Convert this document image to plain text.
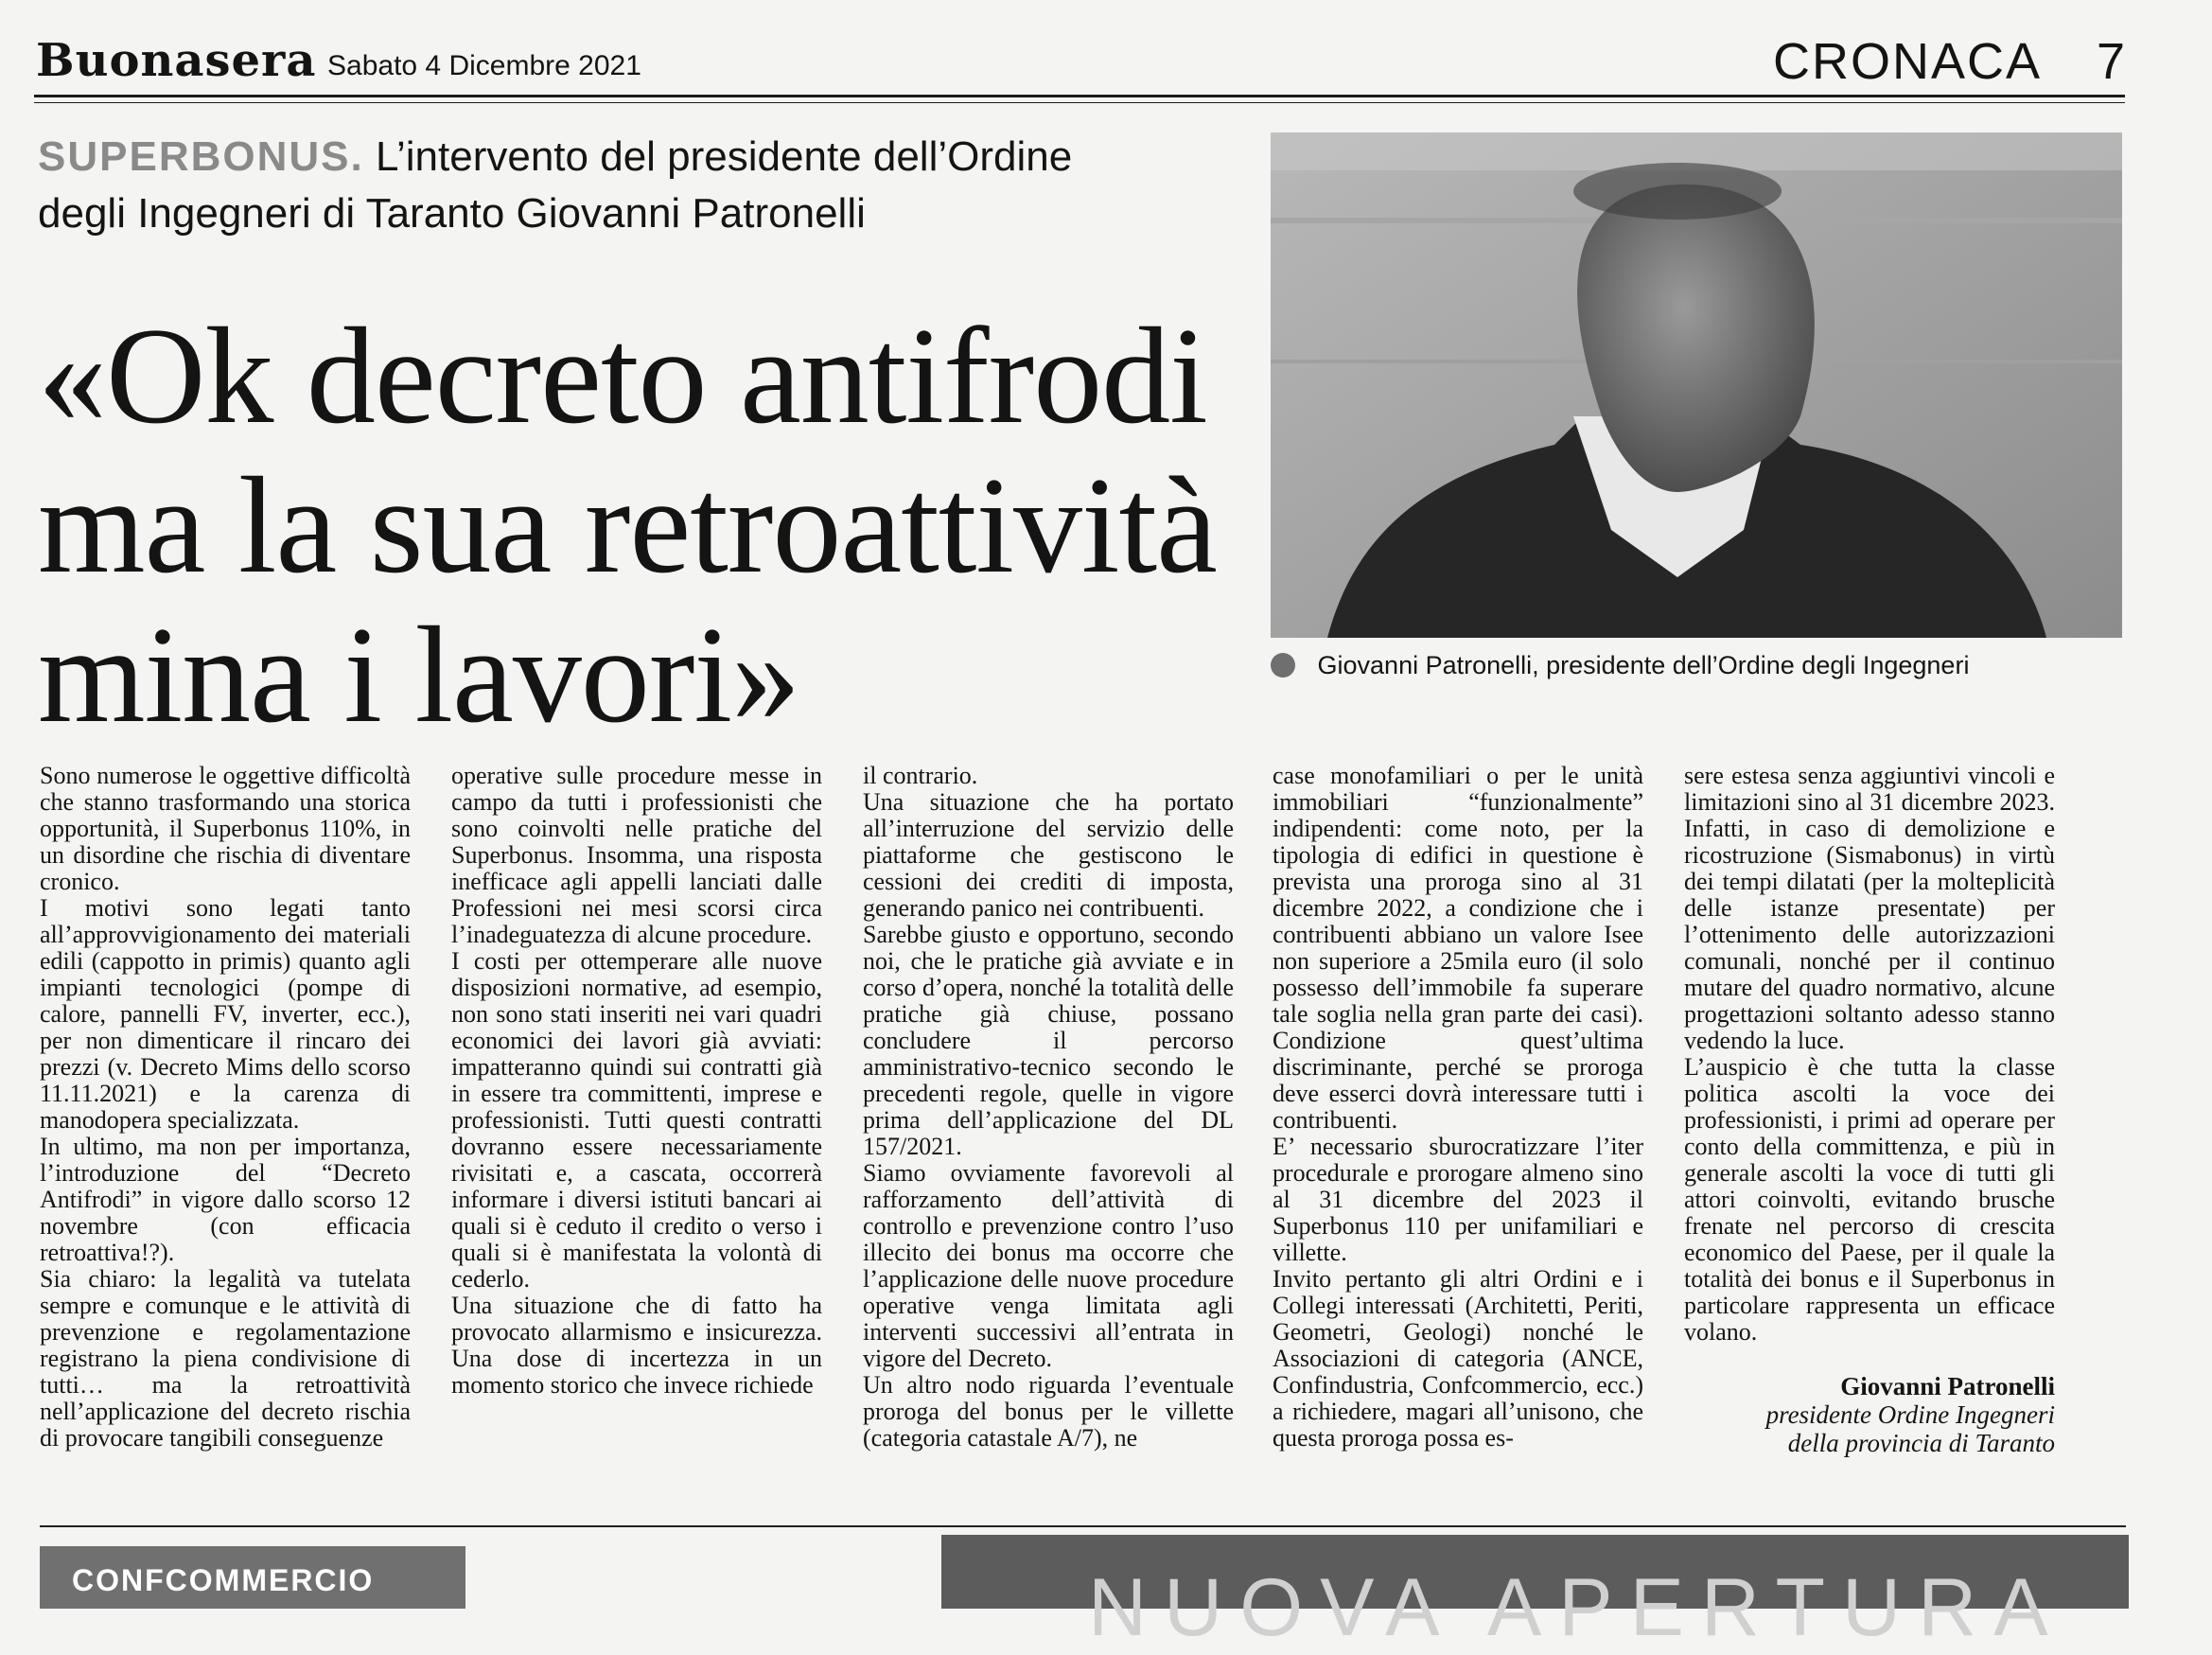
Buonasera Sabato 4 Dicembre 2021	CRONACA 7
SUPERBONUS. L’intervento del presidente dell’Ordine
degli Ingegneri di Taranto Giovanni Patronelli
«Ok decreto antifrodi
ma la sua retroattività
mina i lavori»	Giovanni Patronelli, presidente dell’Ordine degli Ingegneri

Sono numerose le oggettive difficoltà che stanno trasformando una storica opportunità, il Superbonus 110%, in un disordine che rischia di diventare cronico.

I motivi sono legati tanto all’approvvigionamento dei materiali edili (cappotto in primis) quanto agli impianti tecnologici (pompe di calore, pannelli FV, inverter, ecc.), per non dimenticare il rincaro dei prezzi (v. Decreto Mims dello scorso 11.11.2021) e la carenza di manodopera specializzata.

In ultimo, ma non per importanza, l’introduzione del “Decreto Antifrodi” in vigore dallo scorso 12 novembre (con efficacia retroattiva!?).

Sia chiaro: la legalità va tutelata sempre e comunque e le attività di prevenzione e regolamentazione registrano la piena condivisione di tutti… ma la retroattività nell’applicazione del decreto rischia di provocare tangibili conseguenze

operative sulle procedure messe in campo da tutti i professionisti che sono coinvolti nelle pratiche del Superbonus. Insomma, una risposta inefficace agli appelli lanciati dalle Professioni nei mesi scorsi circa l’inadeguatezza di alcune procedure.

I costi per ottemperare alle nuove disposizioni normative, ad esempio, non sono stati inseriti nei vari quadri economici dei lavori già avviati: impatteranno quindi sui contratti già in essere tra committenti, imprese e professionisti. Tutti questi contratti dovranno essere necessariamente rivisitati e, a cascata, occorrerà informare i diversi istituti bancari ai quali si è ceduto il credito o verso i quali si è manifestata la volontà di cederlo.

Una situazione che di fatto ha provocato allarmismo e insicurezza. Una dose di incertezza in un momento storico che invece richiede

il contrario.

Una situazione che ha portato all’interruzione del servizio delle piattaforme che gestiscono le cessioni dei crediti di imposta, generando panico nei contribuenti.

Sarebbe giusto e opportuno, secondo noi, che le pratiche già avviate e in corso d’opera, nonché la totalità delle pratiche già chiuse, possano concludere il percorso amministrativo-tecnico secondo le precedenti regole, quelle in vigore prima dell’applicazione del DL 157/2021.

Siamo ovviamente favorevoli al rafforzamento dell’attività di controllo e prevenzione contro l’uso illecito dei bonus ma occorre che l’applicazione delle nuove procedure operative venga limitata agli interventi successivi all’entrata in vigore del Decreto.

Un altro nodo riguarda l’eventuale proroga del bonus per le villette (categoria catastale A/7), ne

case monofamiliari o per le unità immobiliari “funzionalmente” indipendenti: come noto, per la tipologia di edifici in questione è prevista una proroga sino al 31 dicembre 2022, a condizione che i contribuenti abbiano un valore Isee non superiore a 25mila euro (il solo possesso dell’immobile fa superare tale soglia nella gran parte dei casi). Condizione quest’ultima discriminante, perché se proroga deve esserci dovrà interessare tutti i contribuenti.

E’ necessario sburocratizzare l’iter procedurale e prorogare almeno sino al 31 dicembre del 2023 il Superbonus 110 per unifamiliari e villette.

Invito pertanto gli altri Ordini e i Collegi interessati (Architetti, Periti, Geometri, Geologi) nonché le Associazioni di categoria (ANCE, Confindustria, Confcommercio, ecc.) a richiedere, magari all’unisono, che questa proroga possa es-

sere estesa senza aggiuntivi vincoli e limitazioni sino al 31 dicembre 2023. Infatti, in caso di demolizione e ricostruzione (Sismabonus) in virtù dei tempi dilatati (per la molteplicità delle istanze presentate) per l’ottenimento delle autorizzazioni comunali, nonché per il continuo mutare del quadro normativo, alcune progettazioni soltanto adesso stanno vedendo la luce.

L’auspicio è che tutta la classe politica ascolti la voce dei professionisti, i primi ad operare per conto della committenza, e più in generale ascolti la voce di tutti gli attori coinvolti, evitando brusche frenate nel percorso di crescita economico del Paese, per il quale la totalità dei bonus e il Superbonus in particolare rappresenta un efficace volano.

Giovanni Patronelli
presidente Ordine Ingegneri
della provincia di Taranto
CONFCOMMERCIO	NUOVA APERTURA
